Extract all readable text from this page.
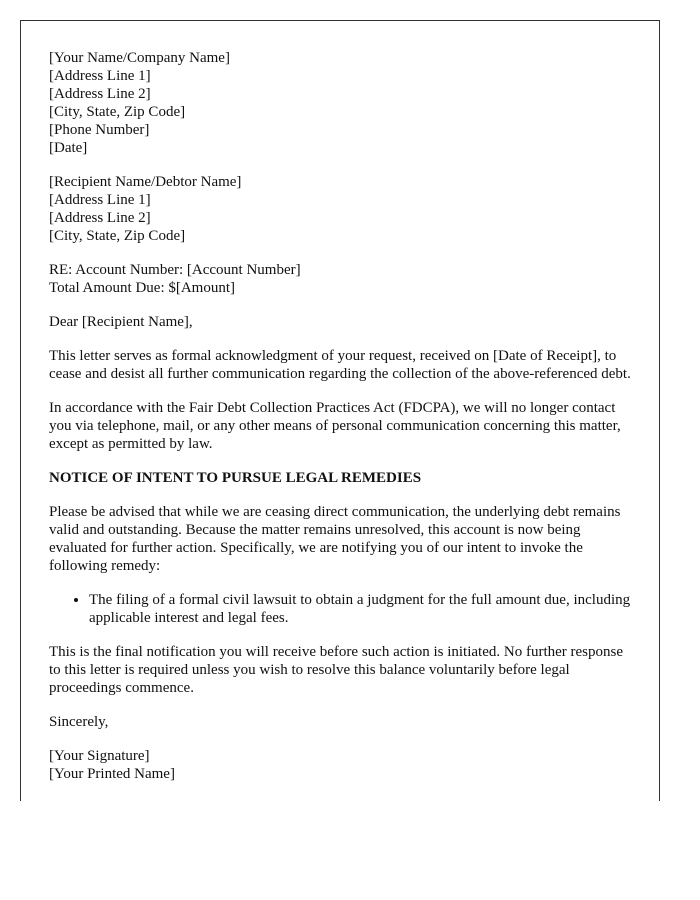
[Your Name/Company Name]
[Address Line 1]
[Address Line 2]
[City, State, Zip Code]
[Phone Number]
[Date]
[Recipient Name/Debtor Name]
[Address Line 1]
[Address Line 2]
[City, State, Zip Code]
RE: Account Number: [Account Number]
Total Amount Due: $[Amount]

Dear [Recipient Name],

This letter serves as formal acknowledgment of your request, received on [Date of Receipt], to cease and desist all further communication regarding the collection of the above-referenced debt.

In accordance with the Fair Debt Collection Practices Act (FDCPA), we will no longer contact you via telephone, mail, or any other means of personal communication concerning this matter, except as permitted by law.

NOTICE OF INTENT TO PURSUE LEGAL REMEDIES

Please be advised that while we are ceasing direct communication, the underlying debt remains valid and outstanding. Because the matter remains unresolved, this account is now being evaluated for further action. Specifically, we are notifying you of our intent to invoke the following remedy:

• The filing of a formal civil lawsuit to obtain a judgment for the full amount due, including applicable interest and legal fees.

This is the final notification you will receive before such action is initiated. No further response to this letter is required unless you wish to resolve this balance voluntarily before legal proceedings commence.

Sincerely,

[Your Signature]
[Your Printed Name]
